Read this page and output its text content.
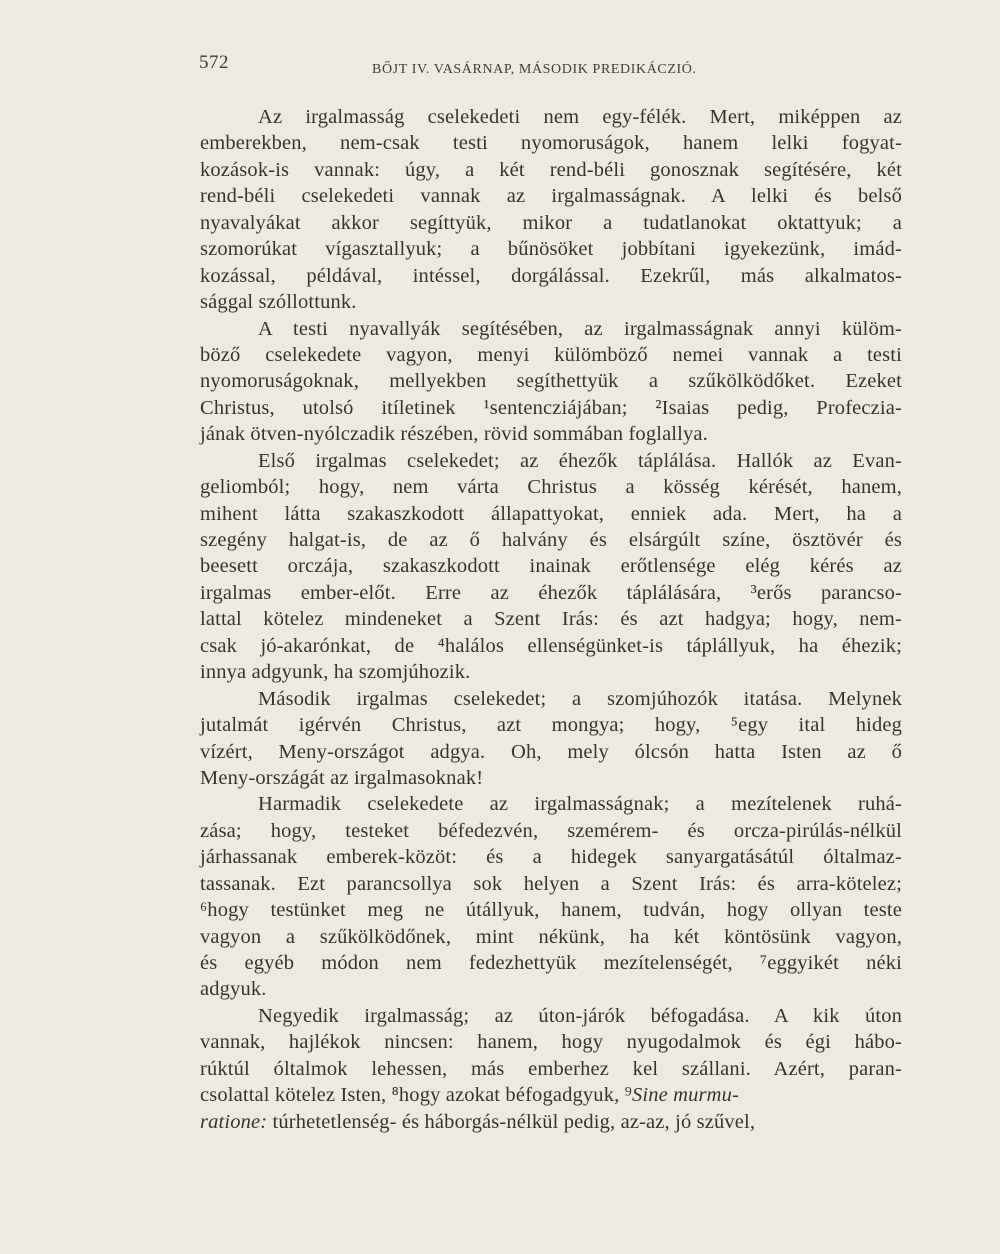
572	BŐJT IV. VASÁRNAP, MÁSODIK PREDIKÁCZIÓ.
Az irgalmasság cselekedeti nem egy-félék. Mert, miképpen az
emberekben, nem-csak testi nyomoruságok, hanem lelki fogyat-
kozások-is vannak: úgy, a két rend-béli gonosznak segítésére, két
rend-béli cselekedeti vannak az irgalmasságnak. A lelki és belső
nyavalyákat akkor segíttyük, mikor a tudatlanokat oktattyuk; a
szomorúkat vígasztallyuk; a bűnösöket jobbítani igyekezünk, imád-
kozással, példával, intéssel, dorgálással. Ezekrűl, más alkalmatos-
sággal szóllottunk.
A testi nyavallyák segítésében, az irgalmasságnak annyi külöm-
böző cselekedete vagyon, menyi külömböző nemei vannak a testi
nyomoruságoknak, mellyekben segíthettyük a szűkölködőket. Ezeket
Christus, utolsó itíletinek ¹sentencziájában; ²Isaias pedig, Profeczia-
jának ötven-nyólczadik részében, rövid sommában foglallya.
Első irgalmas cselekedet; az éhezők táplálása. Hallók az Evan-
geliomból; hogy, nem várta Christus a kösség kérését, hanem,
mihent látta szakaszkodott állapattyokat, enniek ada. Mert, ha a
szegény halgat-is, de az ő halvány és elsárgúlt színe, ösztövér és
beesett orczája, szakaszkodott inainak erőtlensége elég kérés az
irgalmas ember-előt. Erre az éhezők táplálására, ³erős parancso-
lattal kötelez mindeneket a Szent Irás: és azt hadgya; hogy, nem-
csak jó-akarónkat, de ⁴halálos ellenségünket-is táplállyuk, ha éhezik;
innya adgyunk, ha szomjúhozik.
Második irgalmas cselekedet; a szomjúhozók itatása. Melynek
jutalmát igérvén Christus, azt mongya; hogy, ⁵egy ital hideg
vízért, Meny-országot adgya. Oh, mely ólcsón hatta Isten az ő
Meny-országát az irgalmasoknak!
Harmadik cselekedete az irgalmasságnak; a mezítelenek ruhá-
zása; hogy, testeket béfedezvén, szemérem- és orcza-pirúlás-nélkül
járhassanak emberek-közöt: és a hidegek sanyargatásátúl óltalmaz-
tassanak. Ezt parancsollya sok helyen a Szent Irás: és arra-kötelez;
⁶hogy testünket meg ne útállyuk, hanem, tudván, hogy ollyan teste
vagyon a szűkölködőnek, mint nékünk, ha két köntösünk vagyon,
és egyéb módon nem fedezhettyük mezítelenségét, ⁷eggyikét néki
adgyuk.
Negyedik irgalmasság; az úton-járók béfogadása. A kik úton
vannak, hajlékok nincsen: hanem, hogy nyugodalmok és égi hábo-
rúktúl óltalmok lehessen, más emberhez kel szállani. Azért, paran-
csolattal kötelez Isten, ⁸hogy azokat béfogadgyuk, ⁹Sine murmu-
ratione: túrhetetlenség- és háborgás-nélkül pedig, az-az, jó szűvel,
